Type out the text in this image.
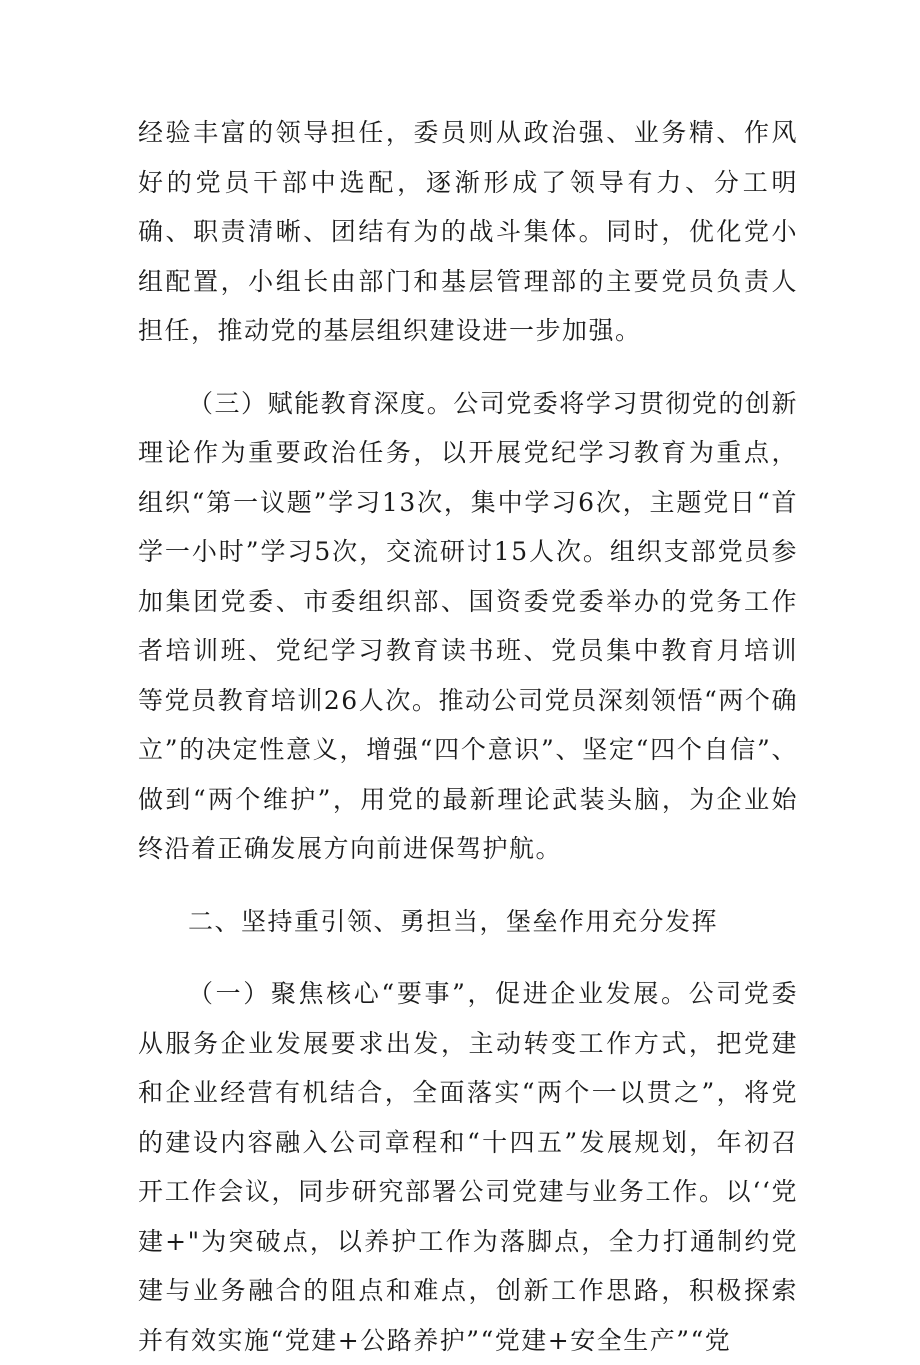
经验丰富的领导担任，委员则从政治强、业务精、作风好的党员干部中选配，逐渐形成了领导有力、分工明确、职责清晰、团结有为的战斗集体。同时，优化党小组配置，小组长由部门和基层管理部的主要党员负责人担任，推动党的基层组织建设进一步加强。

（三）赋能教育深度。公司党委将学习贯彻党的创新理论作为重要政治任务，以开展党纪学习教育为重点，组织“第一议题”学习13次，集中学习6次，主题党日“首学一小时”学习5次，交流研讨15人次。组织支部党员参加集团党委、市委组织部、国资委党委举办的党务工作者培训班、党纪学习教育读书班、党员集中教育月培训等党员教育培训26人次。推动公司党员深刻领悟“两个确立”的决定性意义，增强“四个意识”、坚定“四个自信”、做到“两个维护”，用党的最新理论武装头脑，为企业始终沿着正确发展方向前进保驾护航。

二、坚持重引领、勇担当，堡垒作用充分发挥

（一）聚焦核心“要事”，促进企业发展。公司党委从服务企业发展要求出发，主动转变工作方式，把党建和企业经营有机结合，全面落实“两个一以贯之”，将党的建设内容融入公司章程和“十四五”发展规划，年初召开工作会议，同步研究部署公司党建与业务工作。以‘‘党建+"为突破点，以养护工作为落脚点，全力打通制约党建与业务融合的阻点和难点，创新工作思路，积极探索并有效实施“党建+公路养护”“党建+安全生产”“党
